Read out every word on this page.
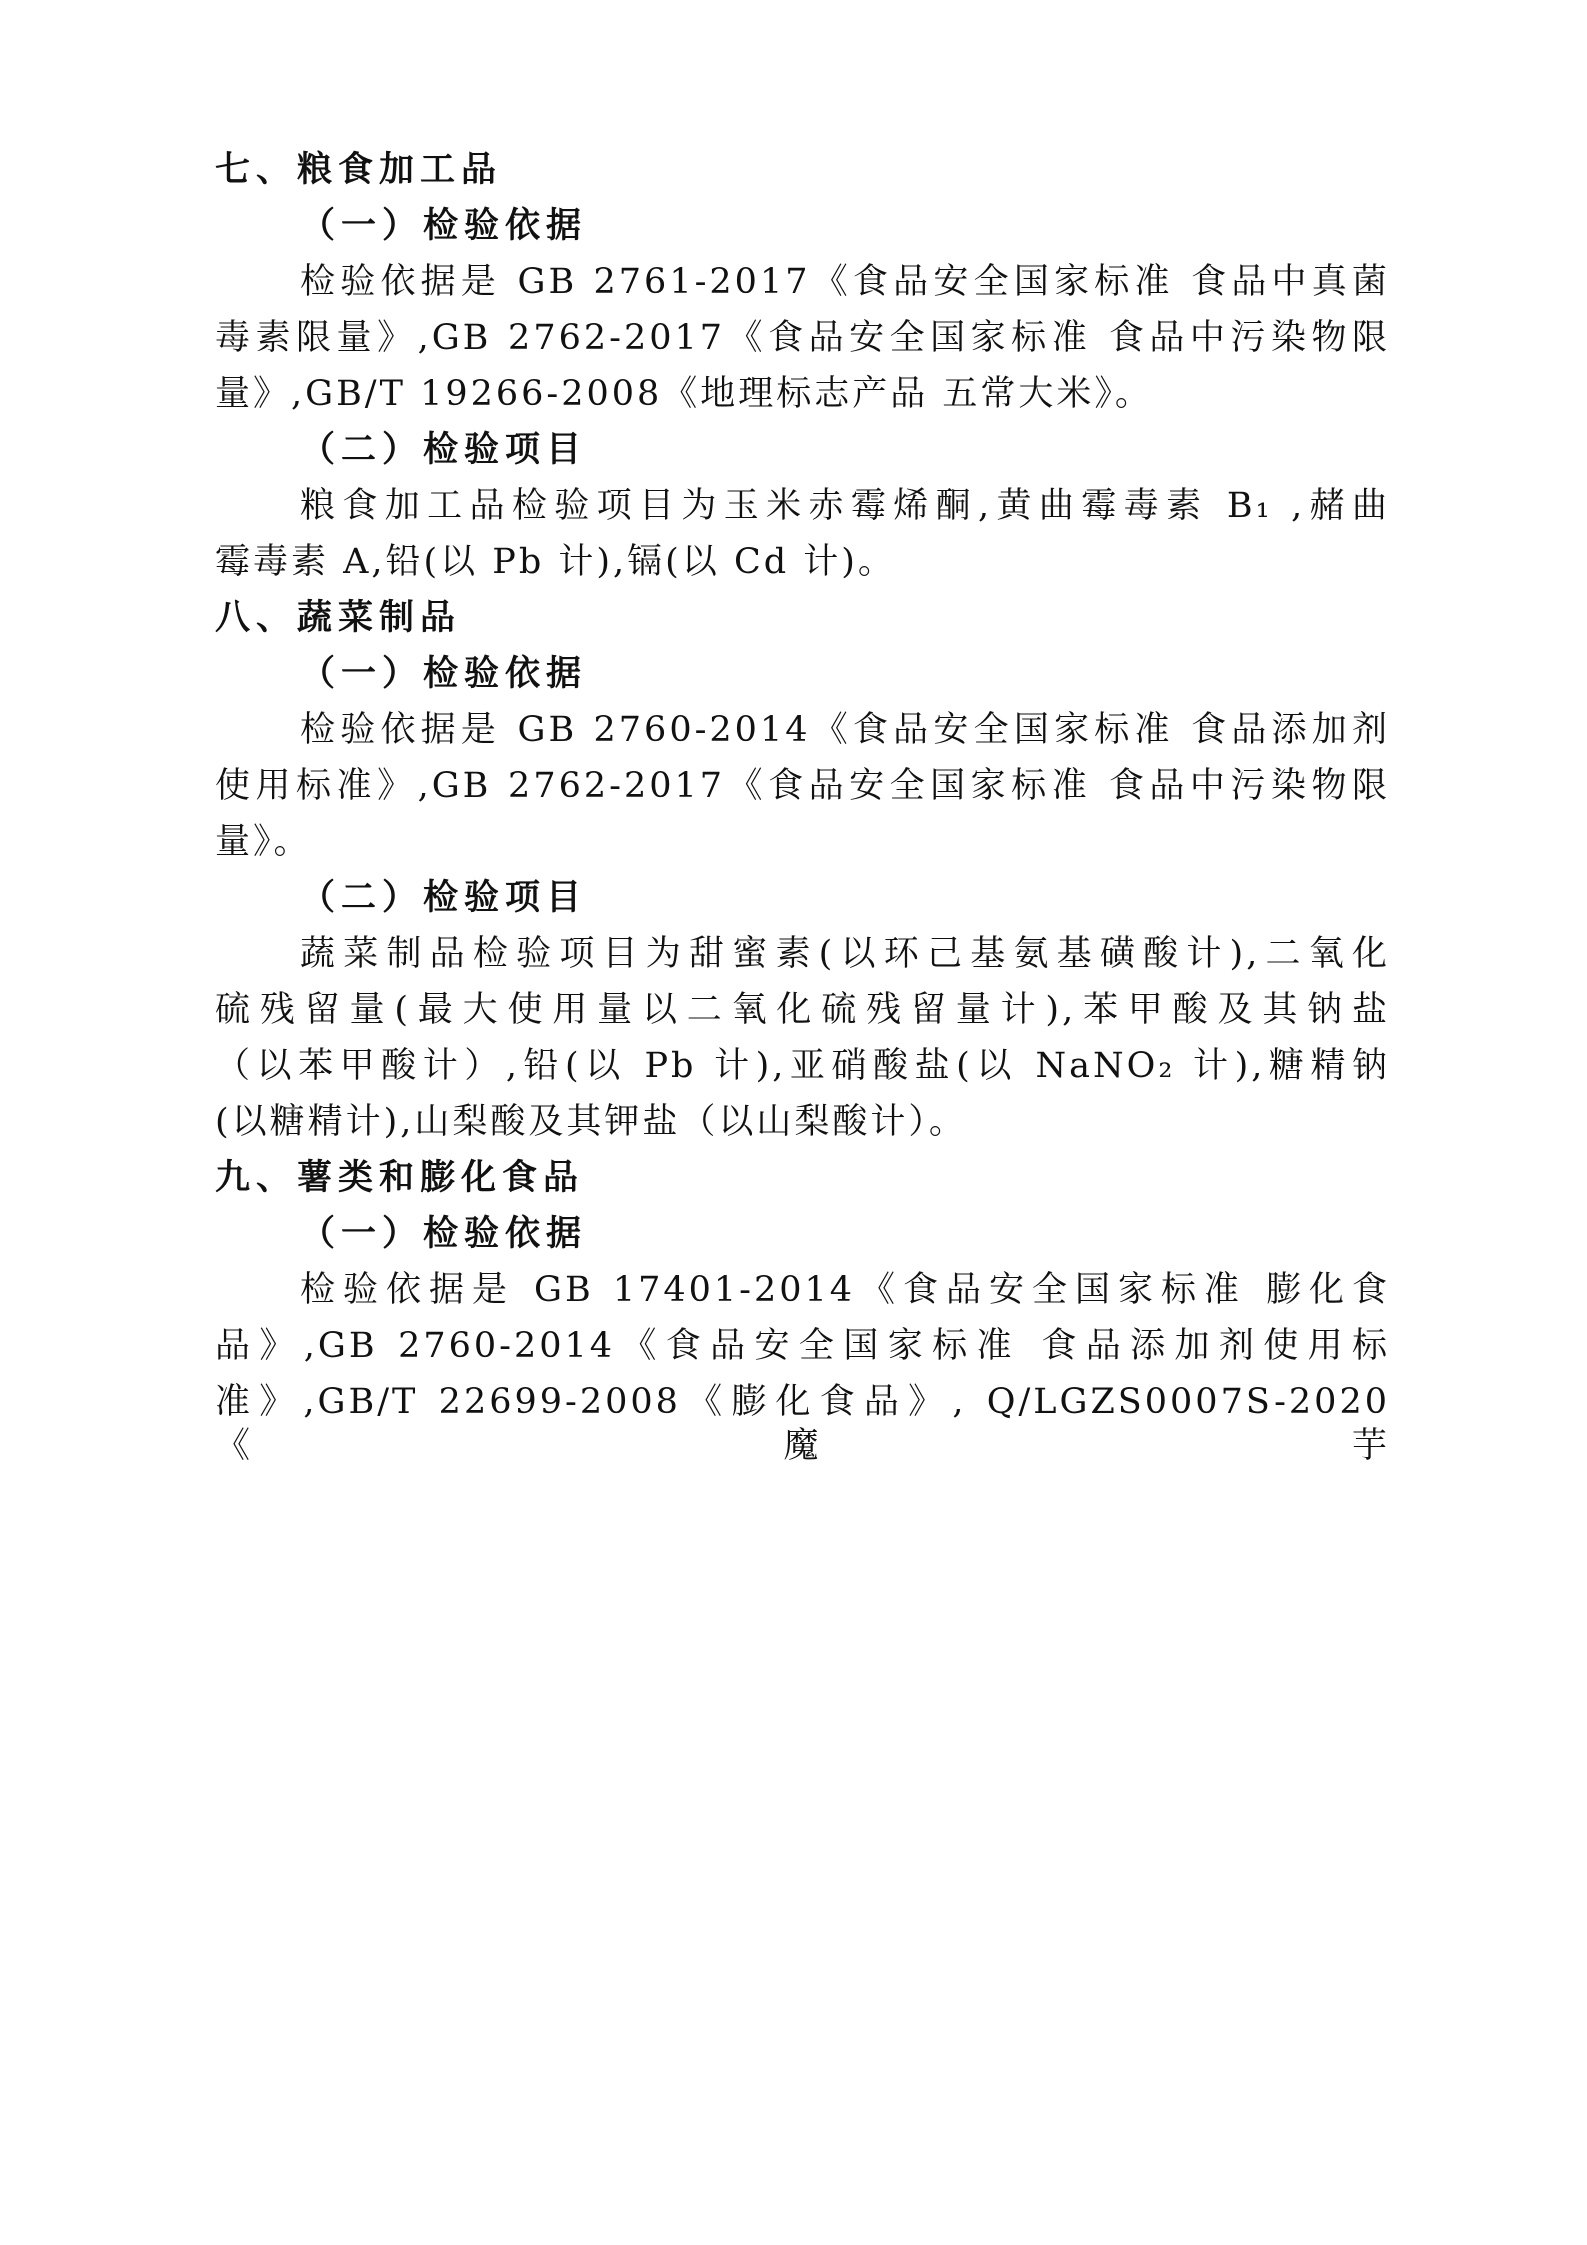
七、粮食加工品
（一）检验依据
检验依据是 GB 2761-2017《食品安全国家标准 食品中真菌
毒素限量》,GB 2762-2017《食品安全国家标准 食品中污染物限
量》,GB/T 19266-2008《地理标志产品 五常大米》。
（二）检验项目
粮食加工品检验项目为玉米赤霉烯酮,黄曲霉毒素 B₁ ,赭曲
霉毒素 A,铅(以 Pb 计),镉(以 Cd 计)。
八、蔬菜制品
（一）检验依据
检验依据是 GB 2760-2014《食品安全国家标准 食品添加剂
使用标准》,GB 2762-2017《食品安全国家标准 食品中污染物限
量》。
（二）检验项目
蔬菜制品检验项目为甜蜜素(以环己基氨基磺酸计),二氧化
硫残留量(最大使用量以二氧化硫残留量计),苯甲酸及其钠盐
（以苯甲酸计）,铅(以 Pb 计),亚硝酸盐(以 NaNO₂ 计),糖精钠
(以糖精计),山梨酸及其钾盐（以山梨酸计）。
九、薯类和膨化食品
（一）检验依据
检验依据是 GB 17401-2014《食品安全国家标准 膨化食
品》,GB 2760-2014《食品安全国家标准 食品添加剂使用标
准》,GB/T 22699-2008《膨化食品》, Q/LGZS0007S-2020《魔芋
